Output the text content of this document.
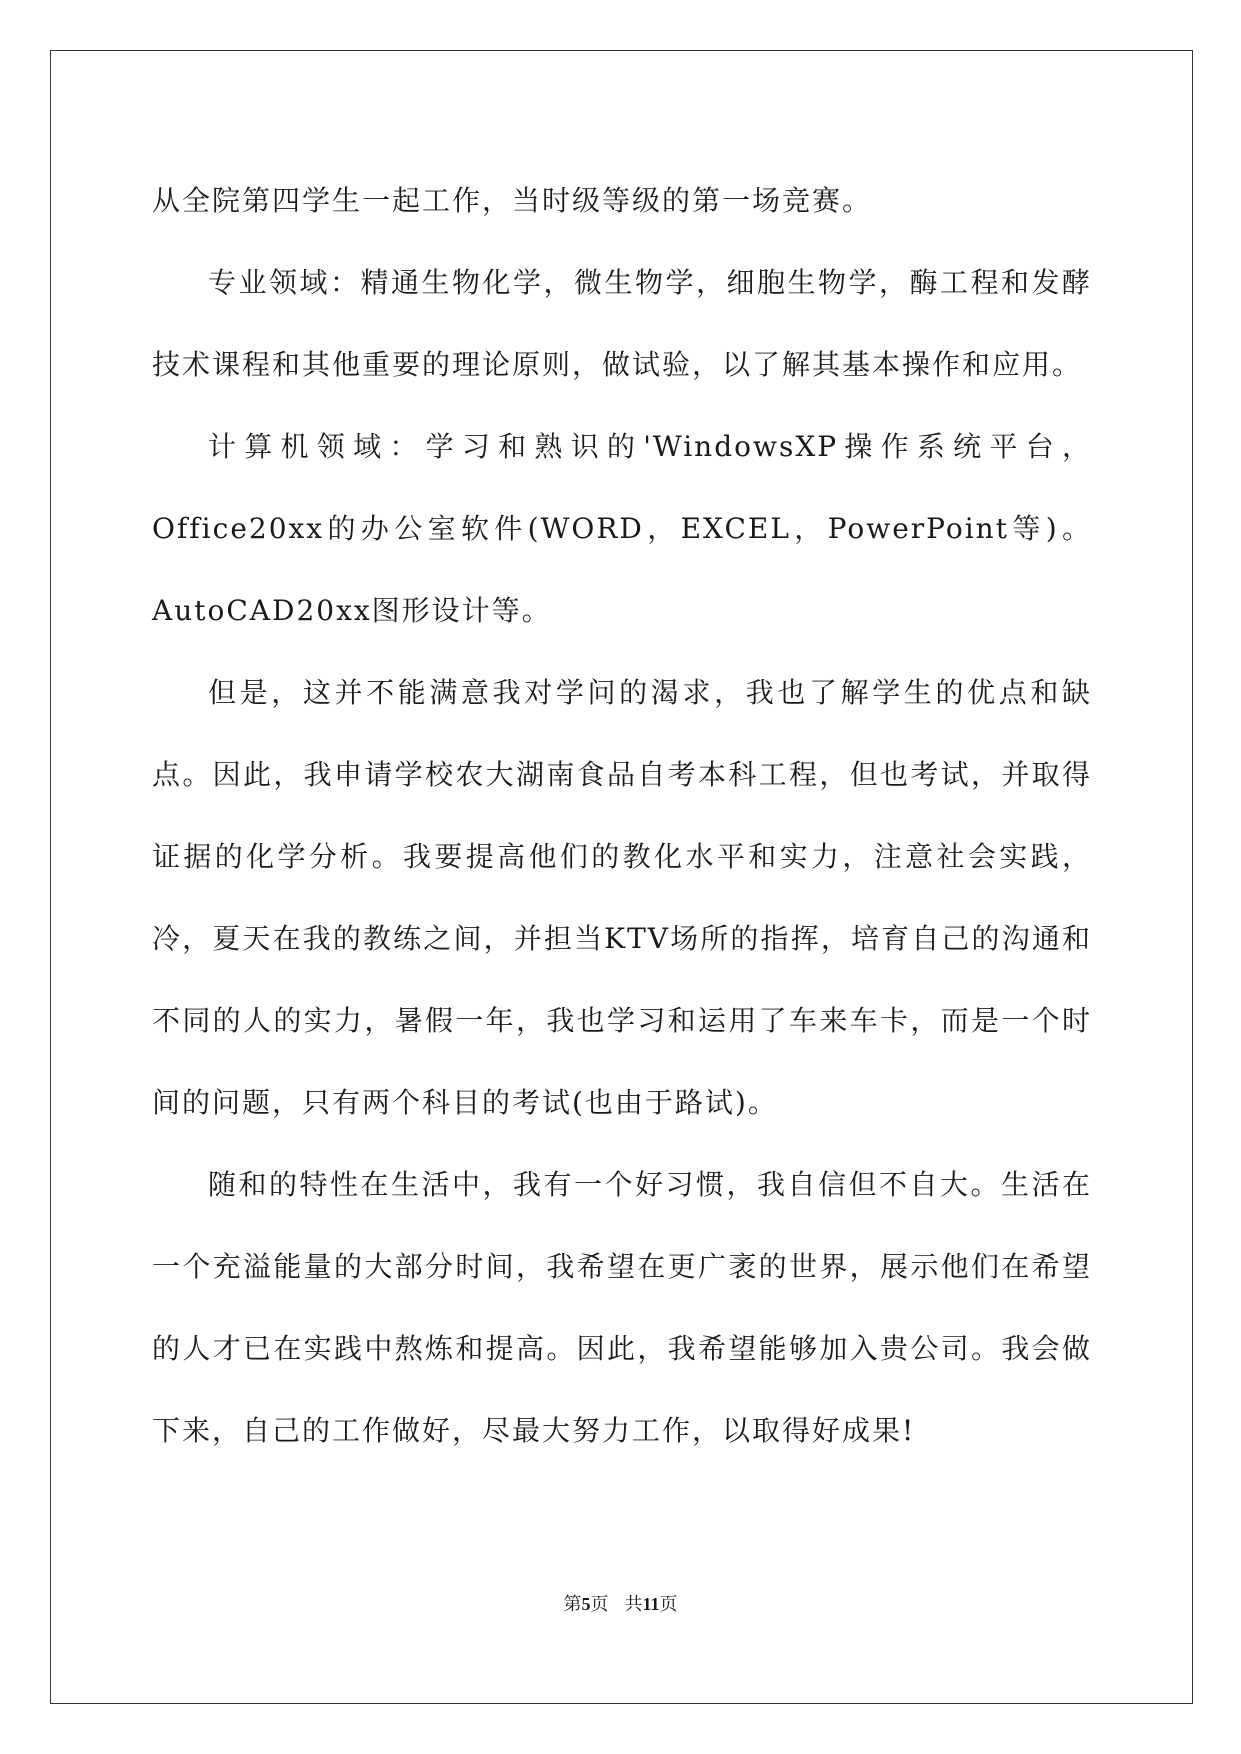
从全院第四学生一起工作，当时级等级的第一场竞赛。

专业领域：精通生物化学，微生物学，细胞生物学，酶工程和发酵技术课程和其他重要的理论原则，做试验，以了解其基本操作和应用。

计算机领域：学习和熟识的'WindowsXP操作系统平台，Office20xx的办公室软件(WORD，EXCEL，PowerPoint等)。AutoCAD20xx图形设计等。

但是，这并不能满意我对学问的渴求，我也了解学生的优点和缺点。因此，我申请学校农大湖南食品自考本科工程，但也考试，并取得证据的化学分析。我要提高他们的教化水平和实力，注意社会实践，冷，夏天在我的教练之间，并担当KTV场所的指挥，培育自己的沟通和不同的人的实力，暑假一年，我也学习和运用了车来车卡，而是一个时间的问题，只有两个科目的考试(也由于路试)。

随和的特性在生活中，我有一个好习惯，我自信但不自大。生活在一个充溢能量的大部分时间，我希望在更广袤的世界，展示他们在希望的人才已在实践中熬炼和提高。因此，我希望能够加入贵公司。我会做下来，自己的工作做好，尽最大努力工作，以取得好成果!

第5页 共11页
